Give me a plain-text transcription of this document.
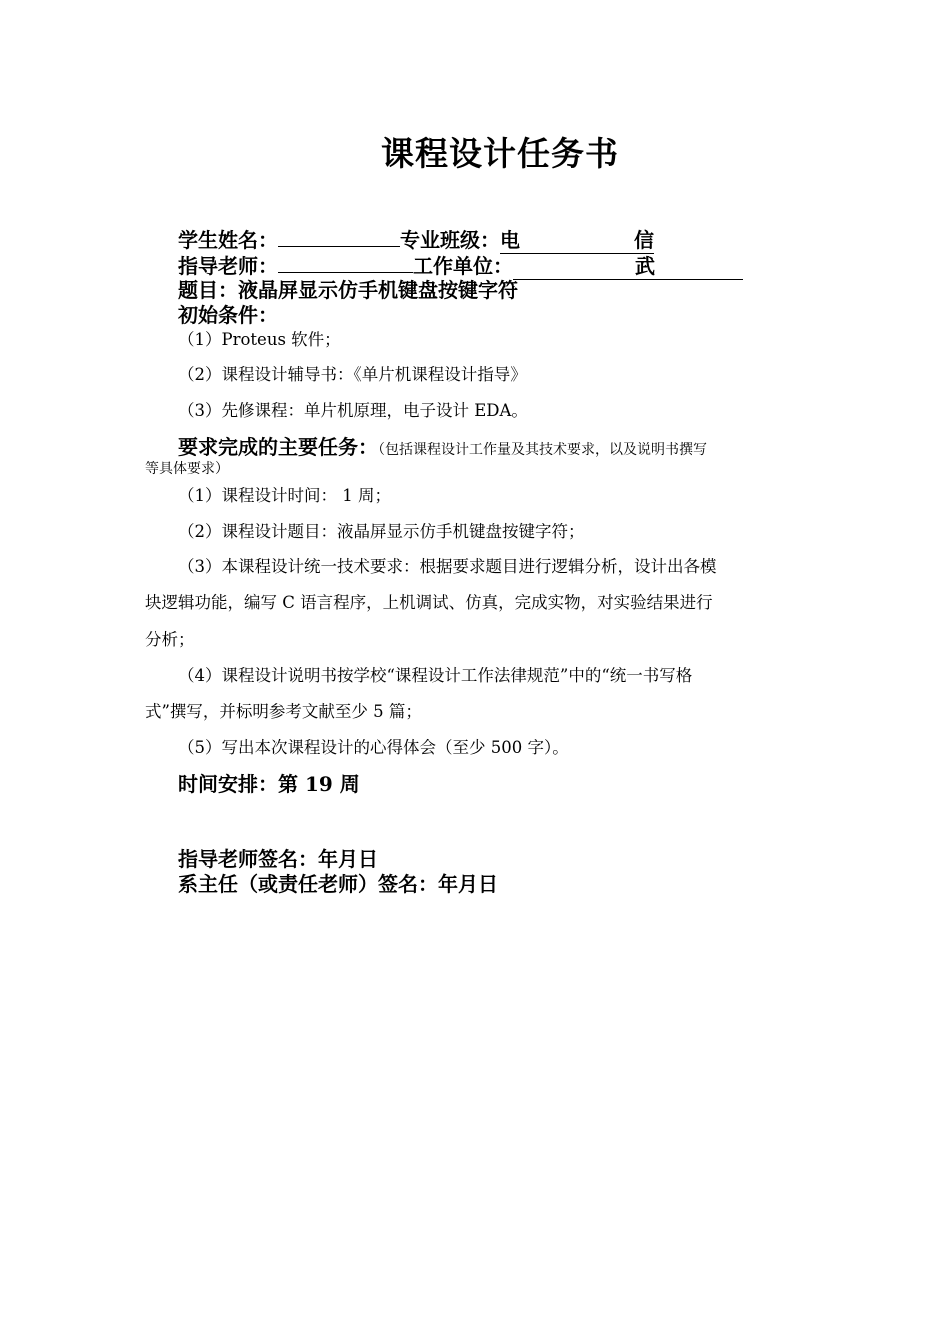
课程设计任务书
学生姓名：	专业班级：电	信
指导老师：	工作单位：	武
题目：液晶屏显示仿手机键盘按键字符
初始条件：
（1）Proteus 软件；
（2）课程设计辅导书：《单片机课程设计指导》
（3）先修课程：单片机原理，电子设计 EDA。
要求完成的主要任务：（包括课程设计工作量及其技术要求，以及说明书撰写
等具体要求）
（1）课程设计时间： 1 周；
（2）课程设计题目：液晶屏显示仿手机键盘按键字符；
（3）本课程设计统一技术要求：根据要求题目进行逻辑分析，设计出各模
块逻辑功能，编写 C 语言程序，上机调试、仿真，完成实物，对实验结果进行
分析；
（4）课程设计说明书按学校“课程设计工作法律规范”中的“统一书写格
式”撰写，并标明参考文献至少 5 篇；
（5）写出本次课程设计的心得体会（至少 500 字）。
时间安排：第 19 周
指导老师签名：年月日
系主任（或责任老师）签名：年月日
